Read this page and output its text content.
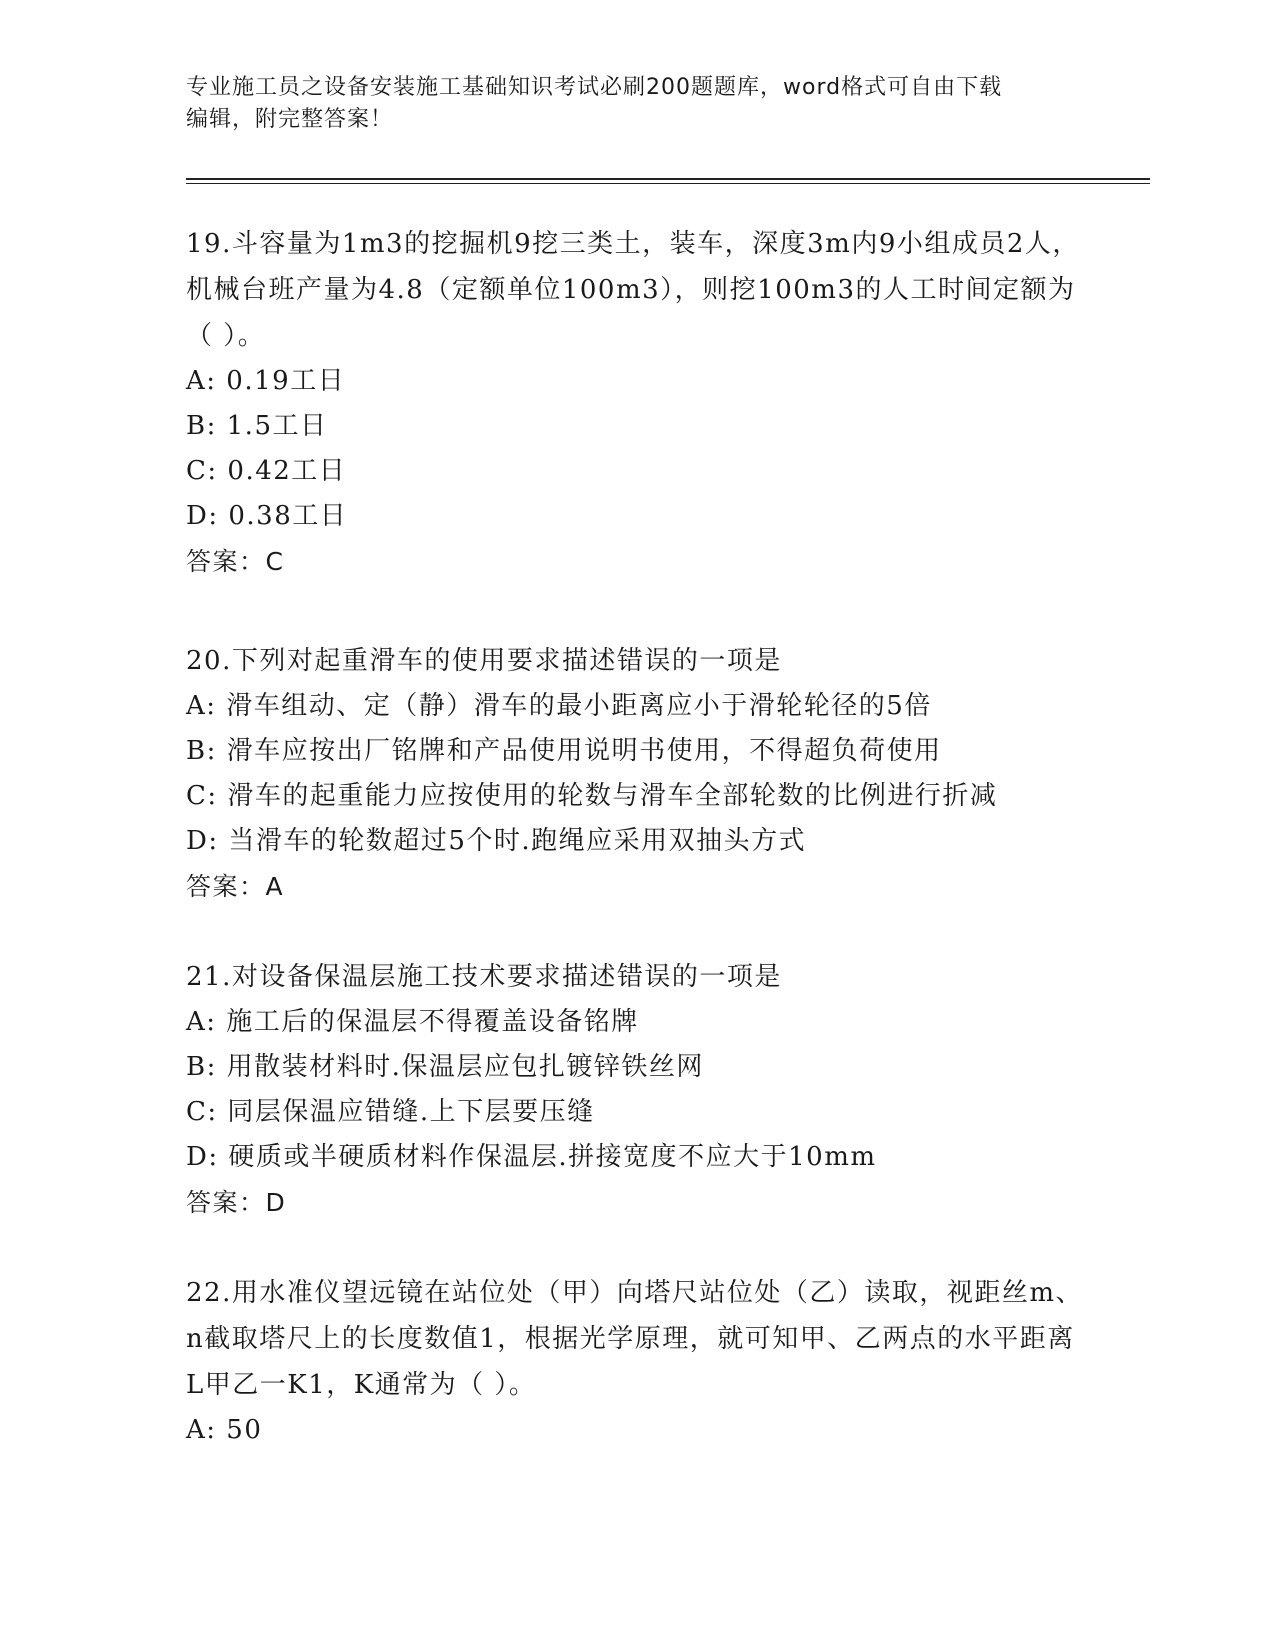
专业施工员之设备安装施工基础知识考试必刷200题题库，word格式可自由下载
编辑，附完整答案！
19.斗容量为1m3的挖掘机9挖三类土，装车，深度3m内9小组成员2人，机械台班产量为4.8（定额单位100m3），则挖100m3的人工时间定额为（ ）。
A: 0.19工日
B: 1.5工日
C: 0.42工日
D: 0.38工日
答案：C
20.下列对起重滑车的使用要求描述错误的一项是
A: 滑车组动、定（静）滑车的最小距离应小于滑轮轮径的5倍
B: 滑车应按出厂铭牌和产品使用说明书使用，不得超负荷使用
C: 滑车的起重能力应按使用的轮数与滑车全部轮数的比例进行折减
D: 当滑车的轮数超过5个时.跑绳应采用双抽头方式
答案：A
21.对设备保温层施工技术要求描述错误的一项是
A: 施工后的保温层不得覆盖设备铭牌
B: 用散装材料时.保温层应包扎镀锌铁丝网
C: 同层保温应错缝.上下层要压缝
D: 硬质或半硬质材料作保温层.拼接宽度不应大于10mm
答案：D
22.用水准仪望远镜在站位处（甲）向塔尺站位处（乙）读取，视距丝m、n截取塔尺上的长度数值1，根据光学原理，就可知甲、乙两点的水平距离L甲乙一K1，K通常为（ ）。
A: 50
